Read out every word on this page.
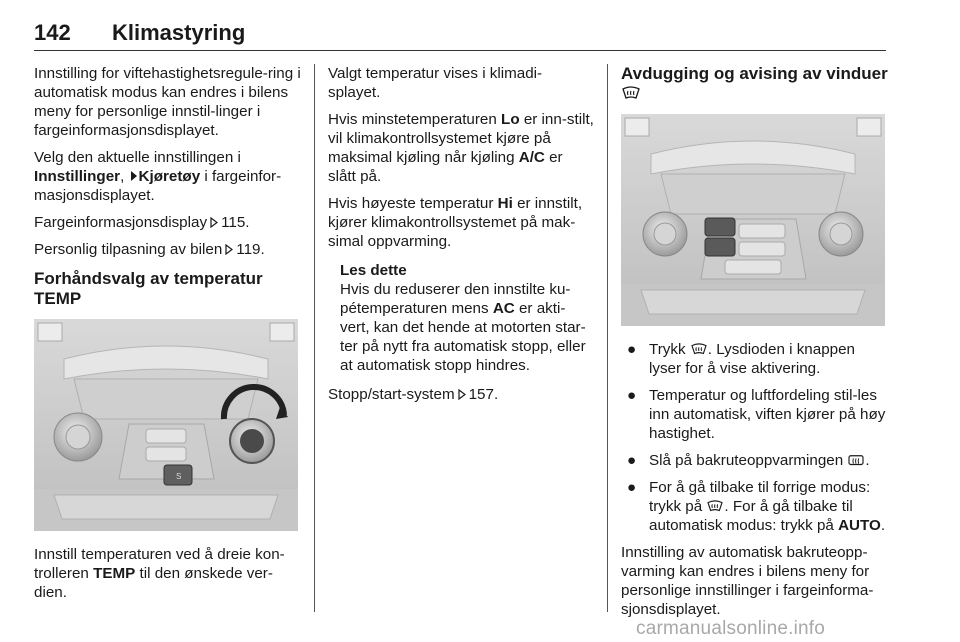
142 Klimastyring

Innstilling for viftehastighetsregule-ring i automatisk modus kan endres i bilens meny for personlige innstil-linger i fargeinformasjonsdisplayet.

Velg den aktuelle innstillingen i Innstillinger, Kjøretøy i fargeinfor-masjonsdisplayet.

Fargeinformasjonsdisplay 115.

Personlig tilpasning av bilen 119.

Forhåndsvalg av temperatur TEMP
S

Innstill temperaturen ved å dreie kon-trolleren TEMP til den ønskede ver-dien.

Valgt temperatur vises i klimadi-splayet.

Hvis minstetemperaturen Lo er inn-stilt, vil klimakontrollsystemet kjøre på maksimal kjøling når kjøling A/C er slått på.

Hvis høyeste temperatur Hi er innstilt, kjører klimakontrollsystemet på mak-simal oppvarming.

Les dette
Hvis du reduserer den innstilte ku-pétemperaturen mens AC er akti-vert, kan det hende at motorten star-ter på nytt fra automatisk stopp, eller at automatisk stopp hindres.

Stopp/start-system 157.

Avdugging og avising av vinduer
● Trykk . Lysdioden i knappen lyser for å vise aktivering.
● Temperatur og luftfordeling stil-les inn automatisk, viften kjører på høy hastighet.
● Slå på bakruteoppvarmingen .
● For å gå tilbake til forrige modus: trykk på . For å gå tilbake til automatisk modus: trykk på AUTO.

Innstilling av automatisk bakruteopp-varming kan endres i bilens meny for personlige innstillinger i fargeinforma-sjonsdisplayet.

carmanualsonline.info
